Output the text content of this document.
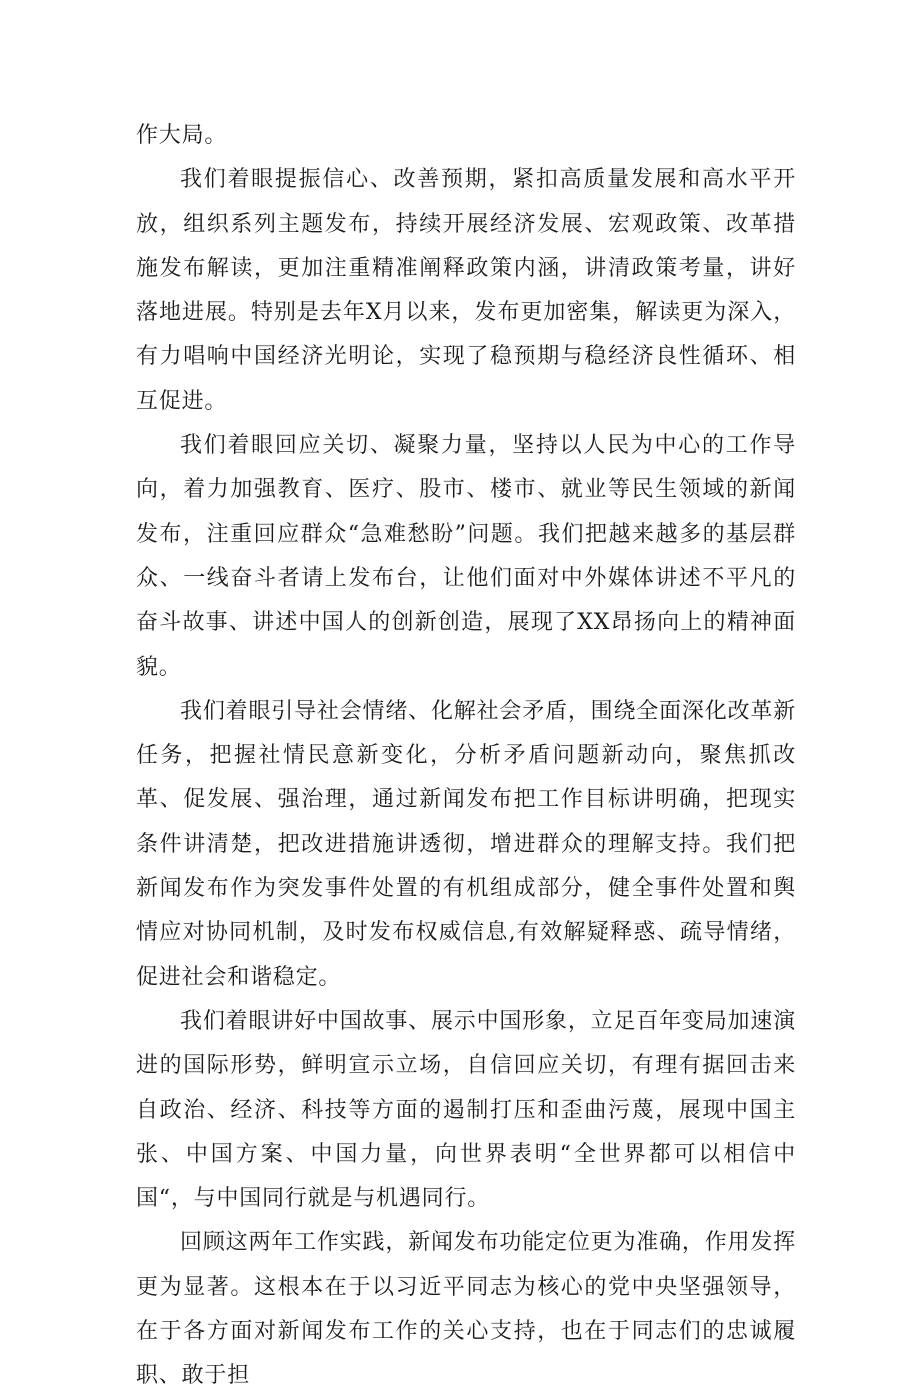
作大局。

我们着眼提振信心、改善预期，紧扣高质量发展和高水平开放，组织系列主题发布，持续开展经济发展、宏观政策、改革措施发布解读，更加注重精准阐释政策内涵，讲清政策考量，讲好落地进展。特别是去年X月以来，发布更加密集，解读更为深入，有力唱响中国经济光明论，实现了稳预期与稳经济良性循环、相互促进。

我们着眼回应关切、凝聚力量，坚持以人民为中心的工作导向，着力加强教育、医疗、股市、楼市、就业等民生领域的新闻发布，注重回应群众“急难愁盼”问题。我们把越来越多的基层群众、一线奋斗者请上发布台，让他们面对中外媒体讲述不平凡的奋斗故事、讲述中国人的创新创造，展现了XX昂扬向上的精神面貌。

我们着眼引导社会情绪、化解社会矛盾，围绕全面深化改革新任务，把握社情民意新变化，分析矛盾问题新动向，聚焦抓改革、促发展、强治理，通过新闻发布把工作目标讲明确，把现实条件讲清楚，把改进措施讲透彻，增进群众的理解支持。我们把新闻发布作为突发事件处置的有机组成部分，健全事件处置和舆情应对协同机制，及时发布权威信息,有效解疑释惑、疏导情绪，促进社会和谐稳定。

我们着眼讲好中国故事、展示中国形象，立足百年变局加速演进的国际形势，鲜明宣示立场，自信回应关切，有理有据回击来自政治、经济、科技等方面的遏制打压和歪曲污蔑，展现中国主张、中国方案、中国力量，向世界表明“全世界都可以相信中国“，与中国同行就是与机遇同行。

回顾这两年工作实践，新闻发布功能定位更为准确，作用发挥更为显著。这根本在于以习近平同志为核心的党中央坚强领导，在于各方面对新闻发布工作的关心支持，也在于同志们的忠诚履职、敢于担
